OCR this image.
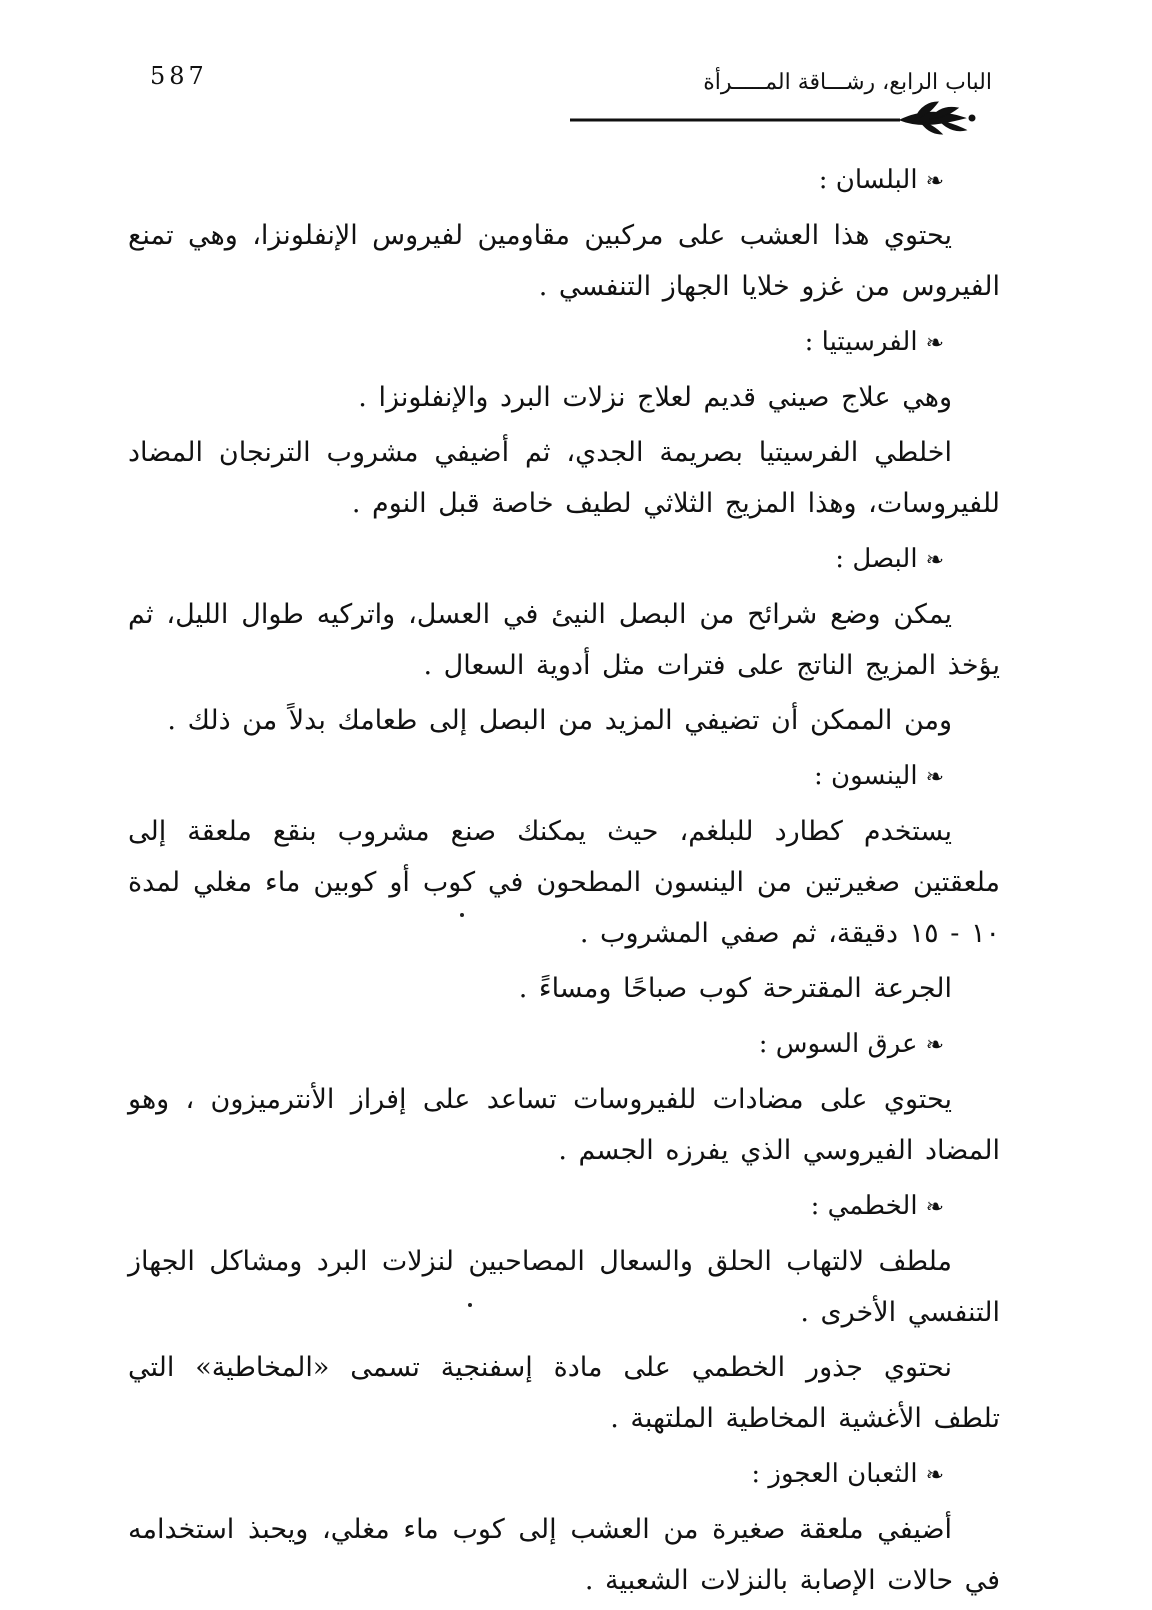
587	الباب الرابع، رشـــاقة المـــــرأة
❧البلسان :

يحتوي هذا العشب على مركبين مقاومين لفيروس الإنفلونزا، وهي تمنع الفيروس من غزو خلايا الجهاز التنفسي .

❧الفرسيتيا :

وهي علاج صيني قديم لعلاج نزلات البرد والإنفلونزا .

اخلطي الفرسيتيا بصريمة الجدي، ثم أضيفي مشروب الترنجان المضاد للفيروسات، وهذا المزيج الثلاثي لطيف خاصة قبل النوم .

❧البصل :

يمكن وضع شرائح من البصل النيئ في العسل، واتركيه طوال الليل، ثم يؤخذ المزيج الناتج على فترات مثل أدوية السعال .

ومن الممكن أن تضيفي المزيد من البصل إلى طعامك بدلاً من ذلك .

❧الينسون :

يستخدم كطارد للبلغم، حيث يمكنك صنع مشروب بنقع ملعقة إلى ملعقتين صغيرتين من الينسون المطحون في كوب أو كوبين ماء مغلي لمدة ١٠ - ١٥ دقيقة، ثم صفي المشروب .

الجرعة المقترحة كوب صباحًا ومساءً .

❧عرق السوس :

يحتوي على مضادات للفيروسات تساعد على إفراز الأنترميزون ، وهو المضاد الفيروسي الذي يفرزه الجسم .

❧الخطمي :

ملطف لالتهاب الحلق والسعال المصاحبين لنزلات البرد ومشاكل الجهاز التنفسي الأخرى .

نحتوي جذور الخطمي على مادة إسفنجية تسمى «المخاطية» التي تلطف الأغشية المخاطية الملتهبة .

❧الثعبان العجوز :

أضيفي ملعقة صغيرة من العشب إلى كوب ماء مغلي، ويحبذ استخدامه في حالات الإصابة بالنزلات الشعبية .
